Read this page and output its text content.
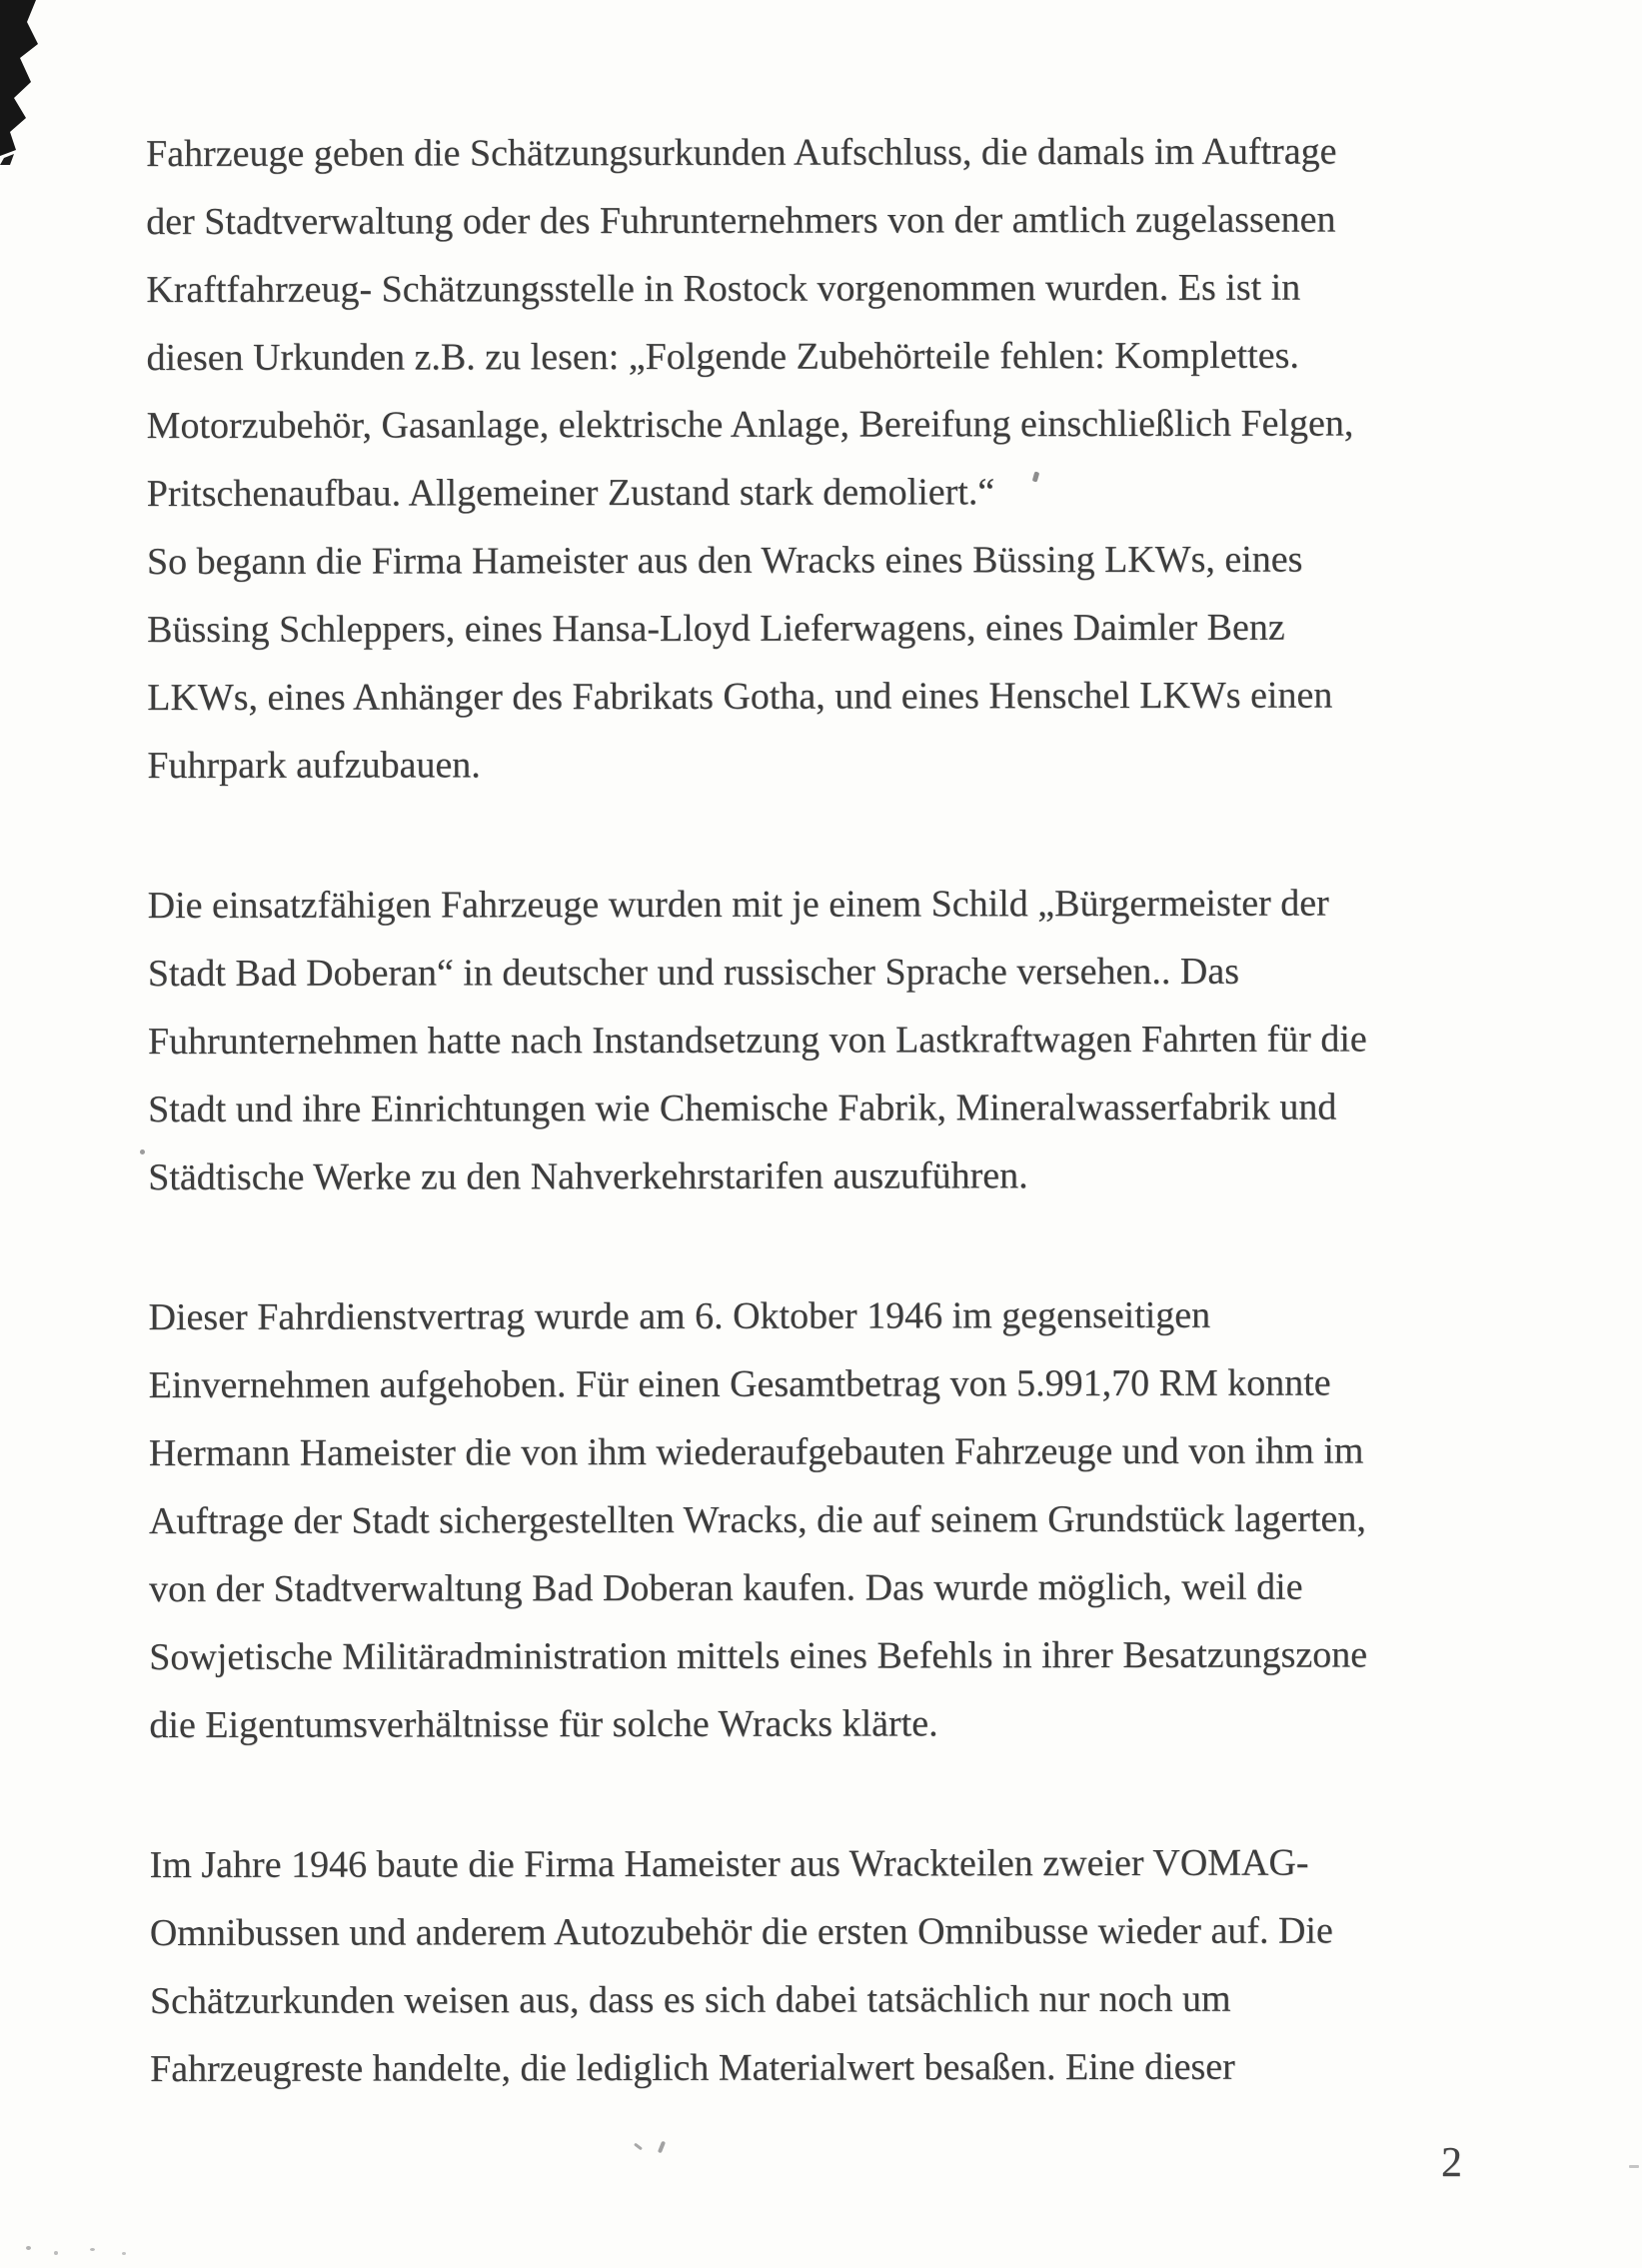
Fahrzeuge geben die Schätzungsurkunden Aufschluss, die damals im Auftrage
der Stadtverwaltung oder des Fuhrunternehmers von der amtlich zugelassenen
Kraftfahrzeug- Schätzungsstelle in Rostock vorgenommen wurden. Es ist in
diesen Urkunden z.B. zu lesen: „Folgende Zubehörteile fehlen: Komplettes.
Motorzubehör, Gasanlage, elektrische Anlage, Bereifung einschließlich Felgen,
Pritschenaufbau. Allgemeiner Zustand stark demoliert.“
So begann die Firma Hameister aus den Wracks eines Büssing LKWs, eines
Büssing Schleppers, eines Hansa-Lloyd Lieferwagens, eines Daimler Benz
LKWs, eines Anhänger des Fabrikats Gotha, und eines Henschel LKWs einen
Fuhrpark aufzubauen.
Die einsatzfähigen Fahrzeuge wurden mit je einem Schild „Bürgermeister der
Stadt Bad Doberan“ in deutscher und russischer Sprache versehen.. Das
Fuhrunternehmen hatte nach Instandsetzung von Lastkraftwagen Fahrten für die
Stadt und ihre Einrichtungen wie Chemische Fabrik, Mineralwasserfabrik und
Städtische Werke zu den Nahverkehrstarifen auszuführen.
Dieser Fahrdienstvertrag wurde am 6. Oktober 1946 im gegenseitigen
Einvernehmen aufgehoben. Für einen Gesamtbetrag von 5.991,70 RM konnte
Hermann Hameister die von ihm wiederaufgebauten Fahrzeuge und von ihm im
Auftrage der Stadt sichergestellten Wracks, die auf seinem Grundstück lagerten,
von der Stadtverwaltung Bad Doberan kaufen. Das wurde möglich, weil die
Sowjetische Militäradministration mittels eines Befehls in ihrer Besatzungszone
die Eigentumsverhältnisse für solche Wracks klärte.
Im Jahre 1946 baute die Firma Hameister aus Wrackteilen zweier VOMAG-
Omnibussen und anderem Autozubehör die ersten Omnibusse wieder auf. Die
Schätzurkunden weisen aus, dass es sich dabei tatsächlich nur noch um
Fahrzeugreste handelte, die lediglich Materialwert besaßen. Eine dieser
2
